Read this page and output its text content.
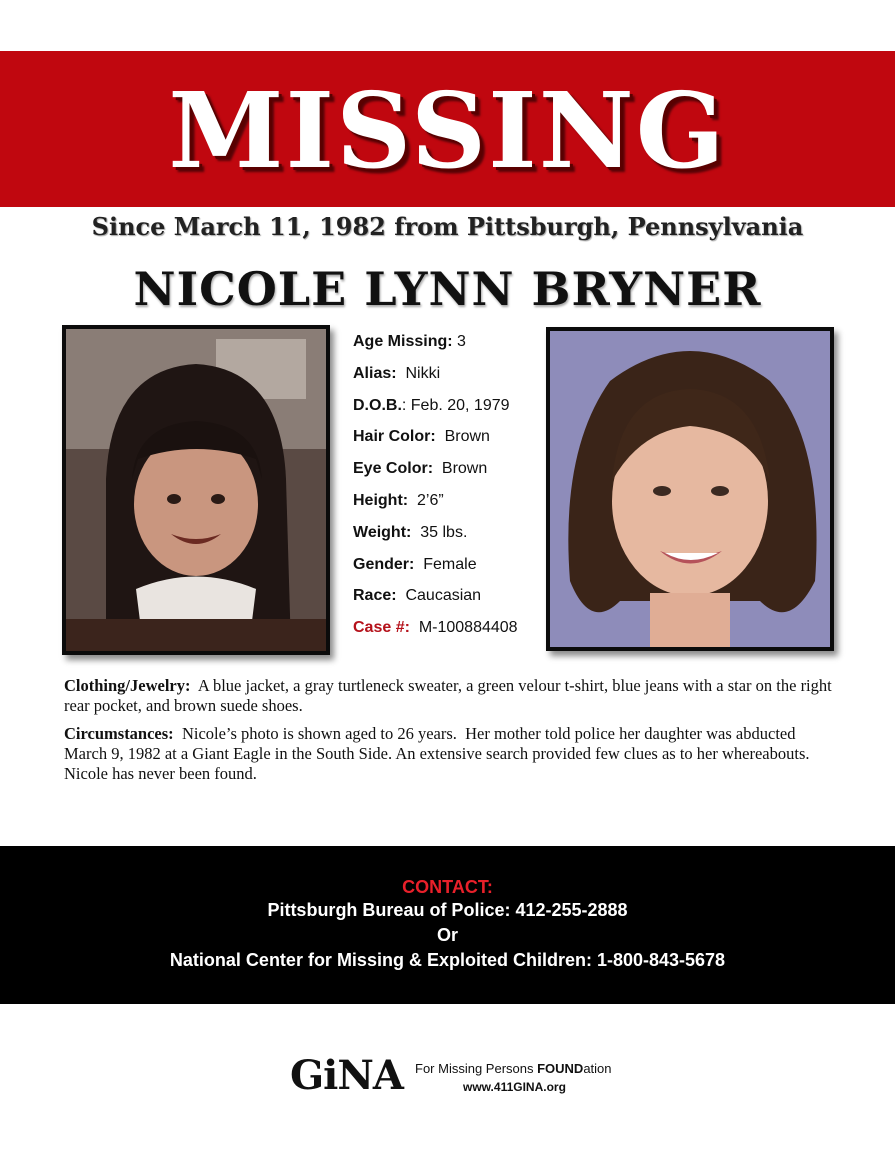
MISSING
Since March 11, 1982 from Pittsburgh, Pennsylvania
NICOLE LYNN BRYNER
Age Missing: 3
Alias:  Nikki
D.O.B.: Feb. 20, 1979
Hair Color:  Brown
Eye Color:  Brown
Height:  2’6”
Weight:  35 lbs.
Gender:  Female
Race:  Caucasian
Case #:  M-100884408
Clothing/Jewelry:  A blue jacket, a gray turtleneck sweater, a green velour t-shirt, blue jeans with a star on the right rear pocket, and brown suede shoes.
Circumstances:  Nicole’s photo is shown aged to 26 years.  Her mother told police her daughter was abducted March 9, 1982 at a Giant Eagle in the South Side. An extensive search provided few clues as to her whereabouts. Nicole has never been found.
CONTACT:
Pittsburgh Bureau of Police: 412-255-2888
Or
National Center for Missing & Exploited Children: 1-800-843-5678
GiNA For Missing Persons FOUNDation
www.411GINA.org
